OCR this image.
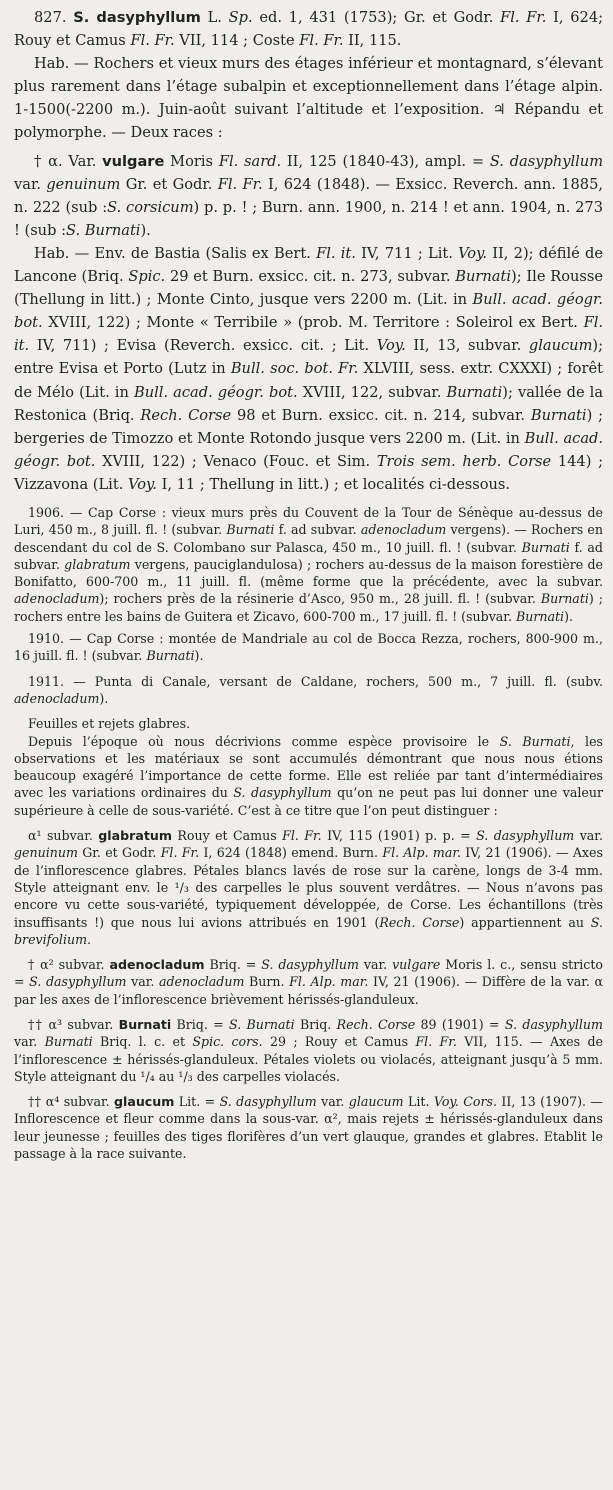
827. S. dasyphyllum L. Sp. ed. 1, 431 (1753); Gr. et Godr. Fl. Fr. I, 624; Rouy et Camus Fl. Fr. VII, 114 ; Coste Fl. Fr. II, 115.

Hab. — Rochers et vieux murs des étages inférieur et montagnard, s’élevant plus rarement dans l’étage subalpin et exceptionnellement dans l’étage alpin. 1-1500(-2200 m.). Juin-août suivant l’altitude et l’exposition. ♃ Répandu et polymorphe. — Deux races :

† α. Var. vulgare Moris Fl. sard. II, 125 (1840-43), ampl. = S. dasyphyllum var. genuinum Gr. et Godr. Fl. Fr. I, 624 (1848). — Exsicc. Reverch. ann. 1885, n. 222 (sub :S. corsicum) p. p. ! ; Burn. ann. 1900, n. 214 ! et ann. 1904, n. 273 ! (sub :S. Burnati).

Hab. — Env. de Bastia (Salis ex Bert. Fl. it. IV, 711 ; Lit. Voy. II, 2); défilé de Lancone (Briq. Spic. 29 et Burn. exsicc. cit. n. 273, subvar. Burnati); Ile Rousse (Thellung in litt.) ; Monte Cinto, jusque vers 2200 m. (Lit. in Bull. acad. géogr. bot. XVIII, 122) ; Monte « Terribile » (prob. M. Territore : Soleirol ex Bert. Fl. it. IV, 711) ; Evisa (Reverch. exsicc. cit. ; Lit. Voy. II, 13, subvar. glaucum); entre Evisa et Porto (Lutz in Bull. soc. bot. Fr. XLVIII, sess. extr. CXXXI) ; forêt de Mélo (Lit. in Bull. acad. géogr. bot. XVIII, 122, subvar. Burnati); vallée de la Restonica (Briq. Rech. Corse 98 et Burn. exsicc. cit. n. 214, subvar. Burnati) ; bergeries de Timozzo et Monte Rotondo jusque vers 2200 m. (Lit. in Bull. acad. géogr. bot. XVIII, 122) ; Venaco (Fouc. et Sim. Trois sem. herb. Corse 144) ; Vizzavona (Lit. Voy. I, 11 ; Thellung in litt.) ; et localités ci-dessous.

1906. — Cap Corse : vieux murs près du Couvent de la Tour de Sénèque au-dessus de Luri, 450 m., 8 juill. fl. ! (subvar. Burnati f. ad subvar. adenocladum vergens). — Rochers en descendant du col de S. Colombano sur Palasca, 450 m., 10 juill. fl. ! (subvar. Burnati f. ad subvar. glabratum vergens, pauciglandulosa) ; rochers au-dessus de la maison forestière de Bonifatto, 600-700 m., 11 juill. fl. (même forme que la précédente, avec la subvar. adenocladum); rochers près de la résinerie d’Asco, 950 m., 28 juill. fl. ! (subvar. Burnati) ; rochers entre les bains de Guitera et Zicavo, 600-700 m., 17 juill. fl. ! (subvar. Burnati).

1910. — Cap Corse : montée de Mandriale au col de Bocca Rezza, rochers, 800-900 m., 16 juill. fl. ! (subvar. Burnati).

1911. — Punta di Canale, versant de Caldane, rochers, 500 m., 7 juill. fl. (subv. adenocladum).

Feuilles et rejets glabres.

Depuis l’époque où nous décrivions comme espèce provisoire le S. Burnati, les observations et les matériaux se sont accumulés démontrant que nous nous étions beaucoup exagéré l’importance de cette forme. Elle est reliée par tant d’intermédiaires avec les variations ordinaires du S. dasyphyllum qu’on ne peut pas lui donner une valeur supérieure à celle de sous-variété. C’est à ce titre que l’on peut distinguer :

α¹ subvar. glabratum Rouy et Camus Fl. Fr. IV, 115 (1901) p. p. = S. dasyphyllum var. genuinum Gr. et Godr. Fl. Fr. I, 624 (1848) emend. Burn. Fl. Alp. mar. IV, 21 (1906). — Axes de l’inflorescence glabres. Pétales blancs lavés de rose sur la carène, longs de 3-4 mm. Style atteignant env. le ¹/₃ des carpelles le plus souvent verdâtres. — Nous n’avons pas encore vu cette sous-variété, typiquement développée, de Corse. Les échantillons (très insuffisants !) que nous lui avions attribués en 1901 (Rech. Corse) appartiennent au S. brevifolium.

† α² subvar. adenocladum Briq. = S. dasyphyllum var. vulgare Moris l. c., sensu stricto = S. dasyphyllum var. adenocladum Burn. Fl. Alp. mar. IV, 21 (1906). — Diffère de la var. α par les axes de l’inflorescence brièvement hérissés-glanduleux.

†† α³ subvar. Burnati Briq. = S. Burnati Briq. Rech. Corse 89 (1901) = S. dasyphyllum var. Burnati Briq. l. c. et Spic. cors. 29 ; Rouy et Camus Fl. Fr. VII, 115. — Axes de l’inflorescence ± hérissés-glanduleux. Pétales violets ou violacés, atteignant jusqu’à 5 mm. Style atteignant du ¹/₄ au ¹/₃ des carpelles violacés.

†† α⁴ subvar. glaucum Lit. = S. dasyphyllum var. glaucum Lit. Voy. Cors. II, 13 (1907). — Inflorescence et fleur comme dans la sous-var. α², mais rejets ± hérissés-glanduleux dans leur jeunesse ; feuilles des tiges florifères d’un vert glauque, grandes et glabres. Etablit le passage à la race suivante.
